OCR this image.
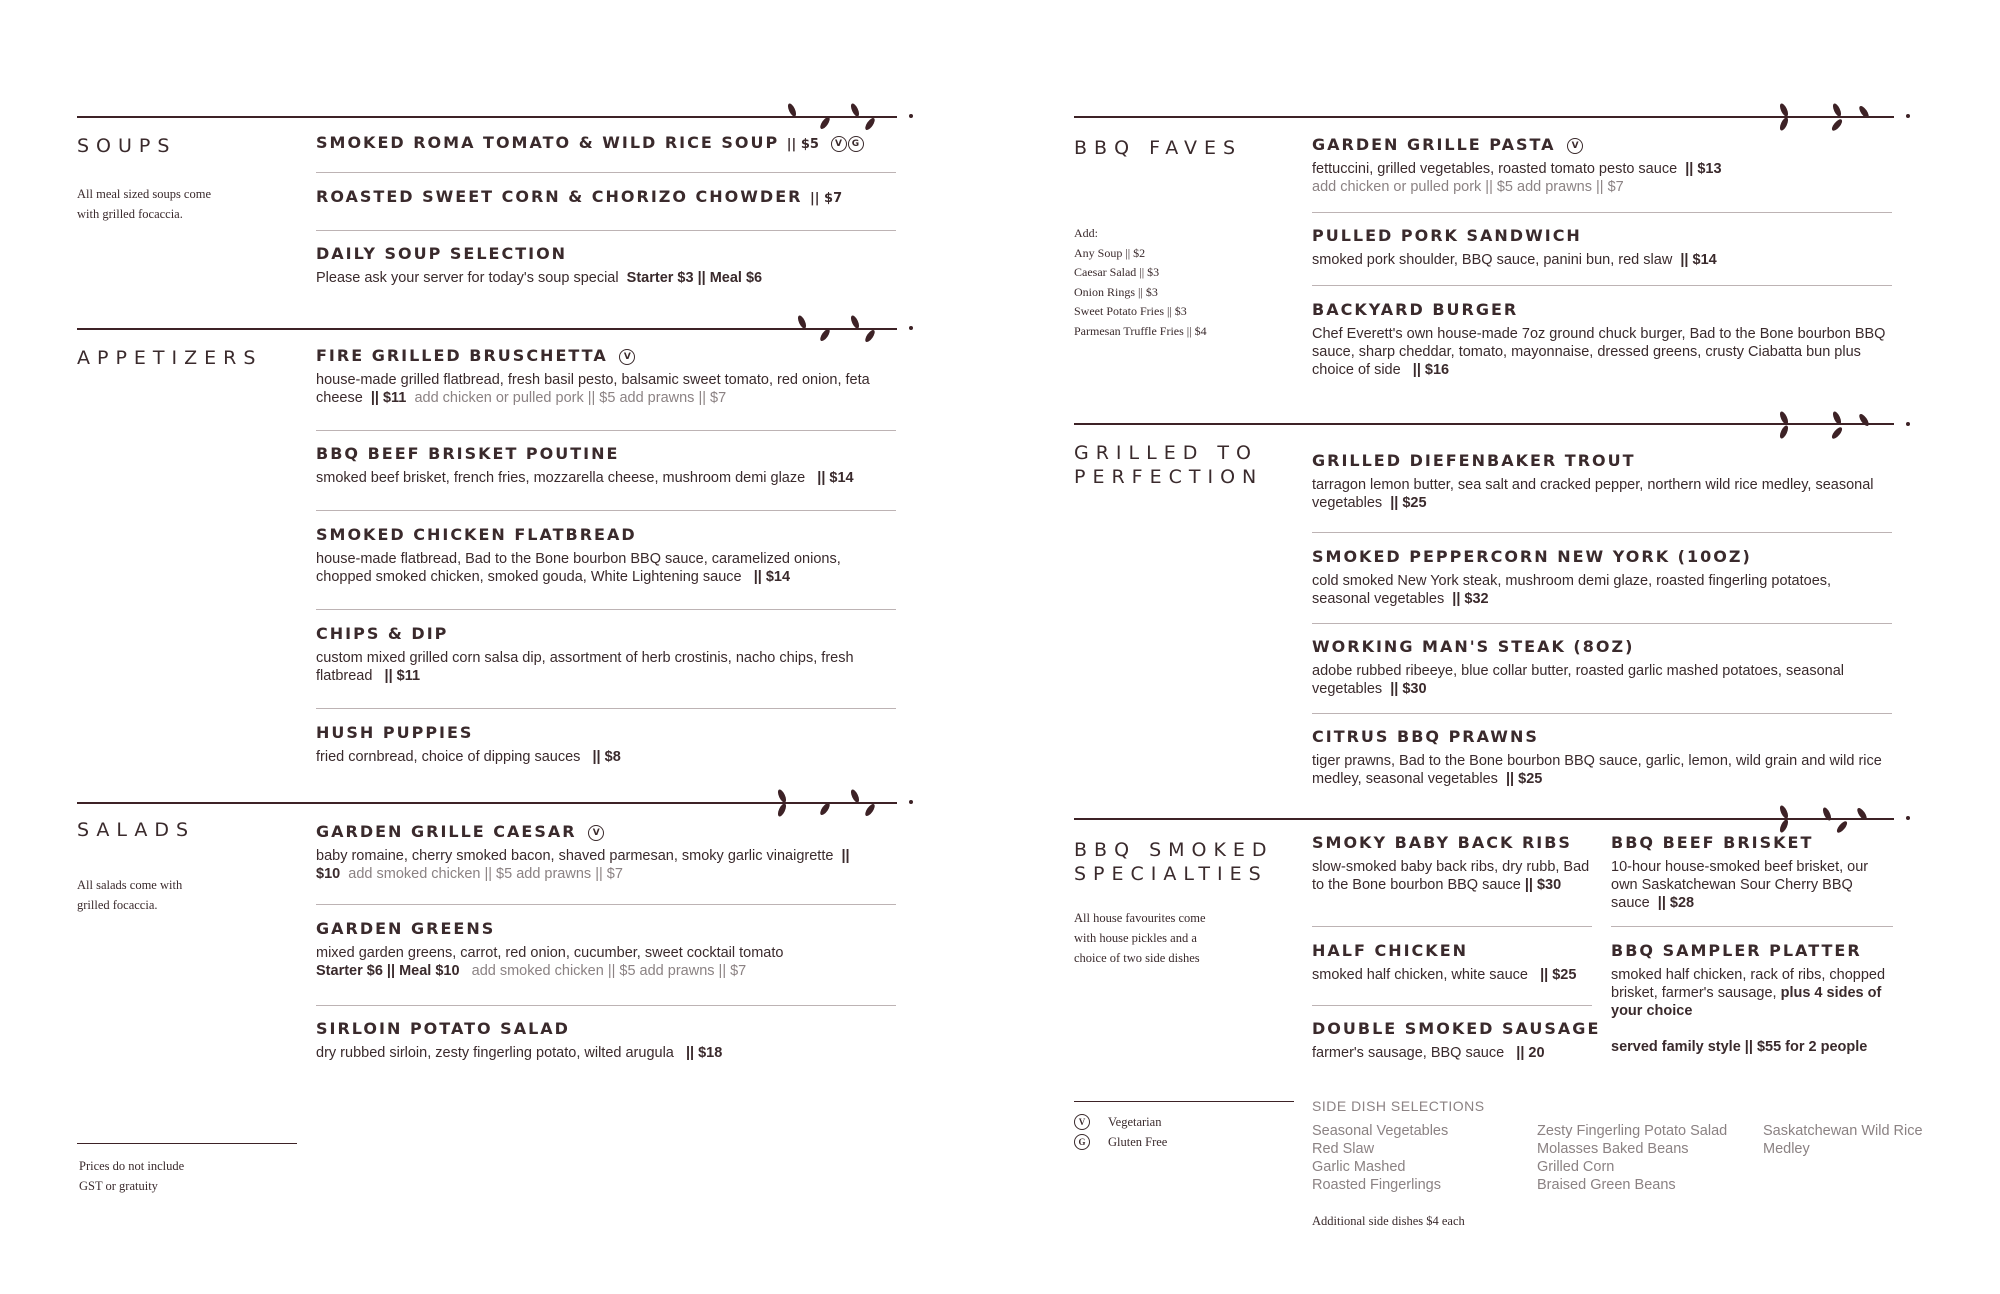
SOUPS
All meal sized soups come
with grilled focaccia.
SMOKED ROMA TOMATO & WILD RICE SOUP || $5 V G
ROASTED SWEET CORN & CHORIZO CHOWDER || $7
DAILY SOUP SELECTION
Please ask your server for today's soup special Starter $3 || Meal $6
APPETIZERS	FIRE GRILLED BRUSCHETTA V
house-made grilled flatbread, fresh basil pesto, balsamic sweet tomato, red onion, feta cheese || $11 add chicken or pulled pork || $5 add prawns || $7
BBQ BEEF BRISKET POUTINE
smoked beef brisket, french fries, mozzarella cheese, mushroom demi glaze || $14
SMOKED CHICKEN FLATBREAD
house-made flatbread, Bad to the Bone bourbon BBQ sauce, caramelized onions, chopped smoked chicken, smoked gouda, White Lightening sauce || $14
CHIPS & DIP
custom mixed grilled corn salsa dip, assortment of herb crostinis, nacho chips, fresh flatbread || $11
HUSH PUPPIES
fried cornbread, choice of dipping sauces || $8
SALADS
All salads come with
grilled focaccia.
GARDEN GRILLE CAESAR V
baby romaine, cherry smoked bacon, shaved parmesan, smoky garlic vinaigrette || $10 add smoked chicken || $5 add prawns || $7
GARDEN GREENS
mixed garden greens, carrot, red onion, cucumber, sweet cocktail tomato
Starter $6 || Meal $10 add smoked chicken || $5 add prawns || $7
SIRLOIN POTATO SALAD
dry rubbed sirloin, zesty fingerling potato, wilted arugula || $18
Prices do not include
GST or gratuity
BBQ FAVES
Add:
Any Soup || $2
Caesar Salad || $3
Onion Rings || $3
Sweet Potato Fries || $3
Parmesan Truffle Fries || $4
GARDEN GRILLE PASTA V
fettuccini, grilled vegetables, roasted tomato pesto sauce || $13
add chicken or pulled pork || $5 add prawns || $7
PULLED PORK SANDWICH
smoked pork shoulder, BBQ sauce, panini bun, red slaw || $14
BACKYARD BURGER
Chef Everett's own house-made 7oz ground chuck burger, Bad to the Bone bourbon BBQ sauce, sharp cheddar, tomato, mayonnaise, dressed greens, crusty Ciabatta bun plus choice of side || $16
GRILLED TO
PERFECTION
GRILLED DIEFENBAKER TROUT
tarragon lemon butter, sea salt and cracked pepper, northern wild rice medley, seasonal vegetables || $25
SMOKED PEPPERCORN NEW YORK (10OZ)
cold smoked New York steak, mushroom demi glaze, roasted fingerling potatoes, seasonal vegetables || $32
WORKING MAN'S STEAK (8OZ)
adobe rubbed ribeeye, blue collar butter, roasted garlic mashed potatoes, seasonal vegetables || $30
CITRUS BBQ PRAWNS
tiger prawns, Bad to the Bone bourbon BBQ sauce, garlic, lemon, wild grain and wild rice medley, seasonal vegetables || $25
BBQ SMOKED
SPECIALTIES
All house favourites come
with house pickles and a
choice of two side dishes
SMOKY BABY BACK RIBS
slow-smoked baby back ribs, dry rubb, Bad to the Bone bourbon BBQ sauce || $30
HALF CHICKEN
smoked half chicken, white sauce || $25
DOUBLE SMOKED SAUSAGE
farmer's sausage, BBQ sauce || 20
BBQ BEEF BRISKET
10-hour house-smoked beef brisket, our own Saskatchewan Sour Cherry BBQ sauce || $28
BBQ SAMPLER PLATTER
smoked half chicken, rack of ribs, chopped brisket, farmer's sausage, plus 4 sides of your choice
served family style || $55 for 2 people
V	Vegetarian
G	Gluten Free
SIDE DISH SELECTIONS
Seasonal Vegetables
Red Slaw
Garlic Mashed
Roasted Fingerlings
Zesty Fingerling Potato Salad
Molasses Baked Beans
Grilled Corn
Braised Green Beans
Saskatchewan Wild Rice
Medley
Additional side dishes $4 each
